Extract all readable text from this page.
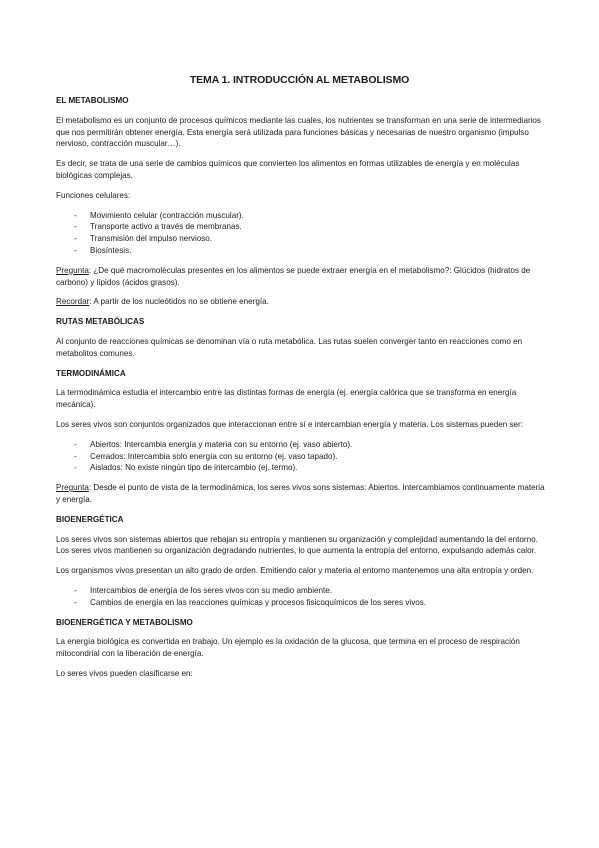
TEMA 1. INTRODUCCIÓN AL METABOLISMO
EL METABOLISMO

El metabolismo es un conjunto de procesos químicos mediante las cuales, los nutrientes se transforman en una serie de intermediarios que nos permitirán obtener energía. Esta energía será utilizada para funciones básicas y necesarias de nuestro organismo (impulso nervioso, contracción muscular…).

Es decir, se trata de una serie de cambios químicos que convierten los alimentos en formas utilizables de energía y en moléculas biológicas complejas.

Funciones celulares:

- Movimiento celular (contracción muscular).
- Transporte activo a través de membranas.
- Transmisión del impulso nervioso.
- Biosíntesis.

Pregunta: ¿De qué macromoléculas presentes en los alimentos se puede extraer energía en el metabolismo?: Glúcidos (hidratos de carbono) y lípidos (ácidos grasos).

Recordar: A partir de los nucleótidos no se obtiene energía.

RUTAS METABÓLICAS

Al conjunto de reacciones químicas se denominan vía o ruta metabólica. Las rutas suelen converger tanto en reacciones como en metabolitos comunes.

TERMODINÁMICA

La termodinámica estudia el intercambio entre las distintas formas de energía (ej. energía calórica que se transforma en energía mecánica).

Los seres vivos son conjuntos organizados que interaccionan entre sí e intercambian energía y materia. Los sistemas pueden ser:

- Abiertos: Intercambia energía y materia con su entorno (ej. vaso abierto).
- Cerrados: Intercambia solo energía con su entorno (ej. vaso tapado).
- Aislados: No existe ningún tipo de intercambio (ej. termo).

Pregunta: Desde el punto de vista de la termodinámica, los seres vivos sons sistemas: Abiertos. Intercambiamos continuamente materia y energía.

BIOENERGÉTICA

Los seres vivos son sistemas abiertos que rebajan su entropía y mantienen su organización y complejidad aumentando la del entorno. Los seres vivos mantienen su organización degradando nutrientes, lo que aumenta la entropía del entorno, expulsando además calor.

Los organismos vivos presentan un alto grado de orden. Emitiendo calor y materia al entorno mantenemos una alta entropía y orden.

- Intercambios de energía de los seres vivos con su medio ambiente.
- Cambios de energía en las reacciones químicas y procesos fisicoquímicos de los seres vivos.
BIOENERGÉTICA Y METABOLISMO

La energía biológica es convertida en trabajo. Un ejemplo es la oxidación de la glucosa, que termina en el proceso de respiración mitocondrial con la liberación de energía.

Lo seres vivos pueden clasificarse en:
